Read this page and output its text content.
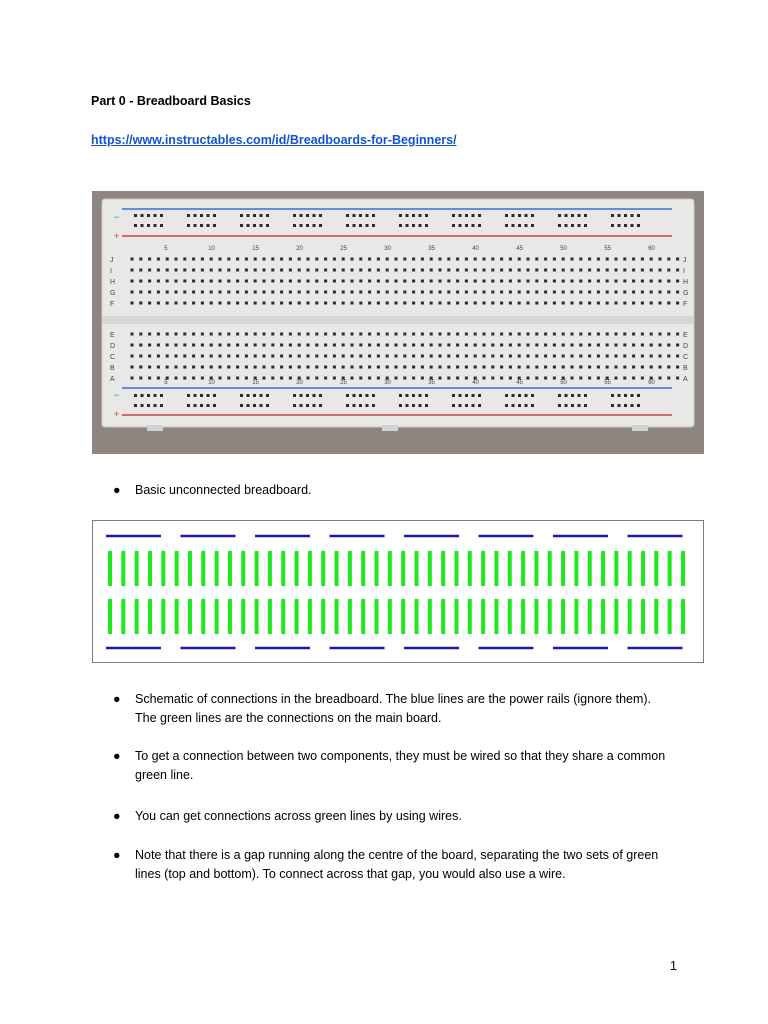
Part 0 - Breadboard Basics
https://www.instructables.com/id/Breadboards-for-Beginners/
−
+
−
+
J	J
I	I
H	H
G	G
F	F
E	E
D	D
C	C
B	B
A	A
5
5
10
10
15
15
20
20
25
25
30
30
35
35
40
40
45
45
50
50
55
55
60
60
●	Basic unconnected breadboard.
●	Schematic of connections in the breadboard. The blue lines are the power rails (ignore them). The green lines are the connections on the main board.
●	To get a connection between two components, they must be wired so that they share a common green line.
●	You can get connections across green lines by using wires.
●	Note that there is a gap running along the centre of the board, separating the two sets of green lines (top and bottom). To connect across that gap, you would also use a wire.
1
